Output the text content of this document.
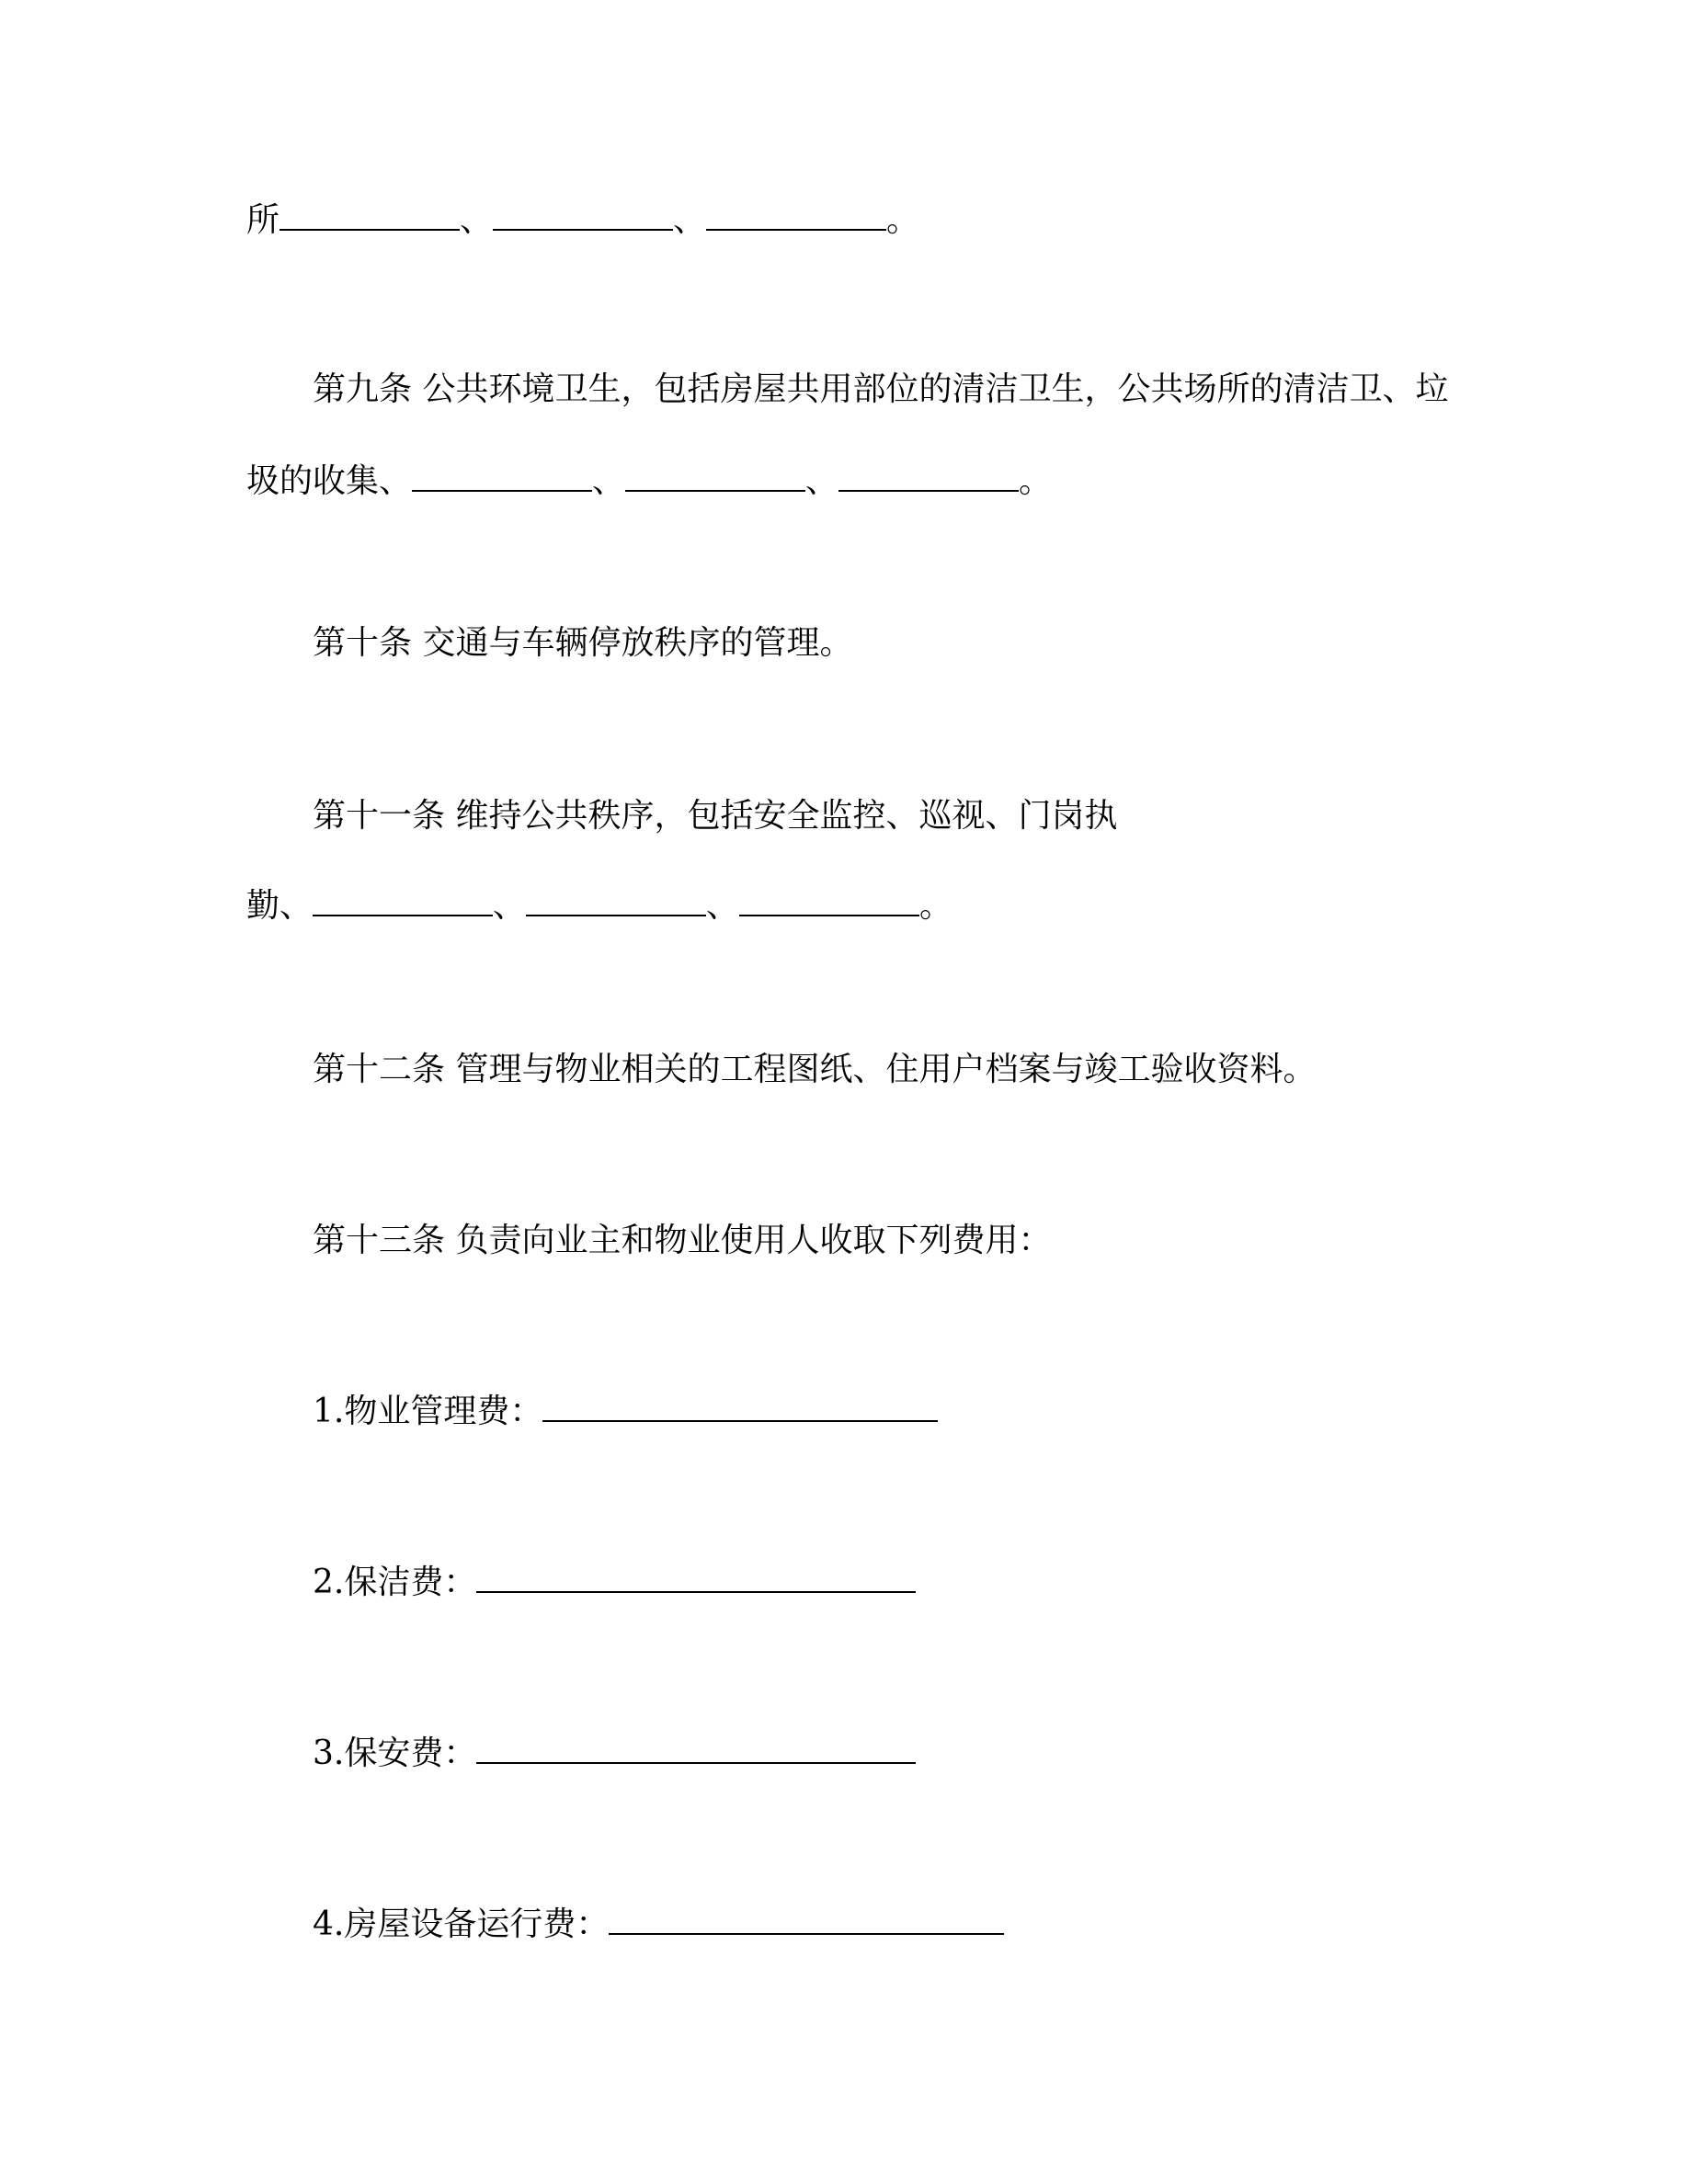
所	、	、	。
第九条 公共环境卫生，包括房屋共用部位的清洁卫生，公共场所的清洁卫、垃
圾的收集、	、	、	。
第十条 交通与车辆停放秩序的管理。
第十一条 维持公共秩序，包括安全监控、巡视、门岗执
勤、	、	、	。
第十二条 管理与物业相关的工程图纸、住用户档案与竣工验收资料。
第十三条 负责向业主和物业使用人收取下列费用：
1.物业管理费：
2.保洁费：
3.保安费：
4.房屋设备运行费：
